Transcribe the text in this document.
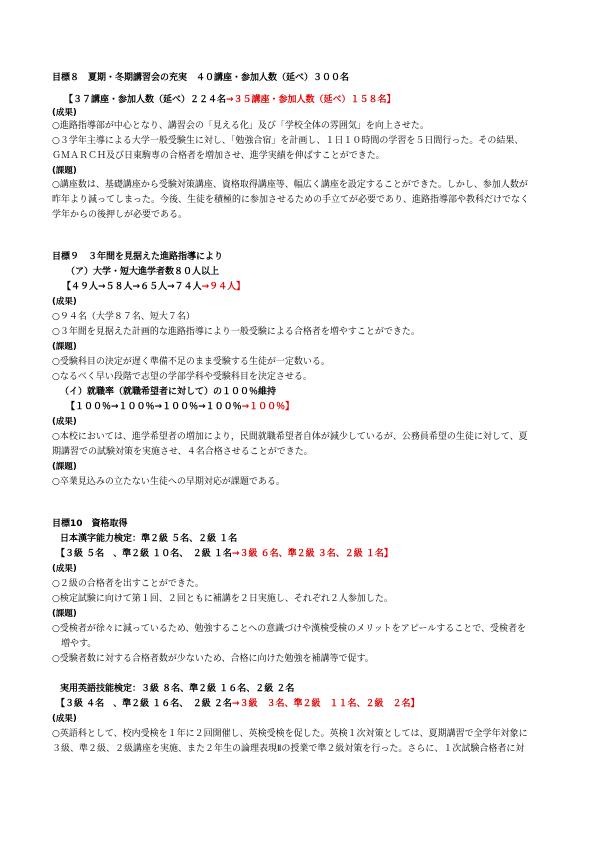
目標８　夏期・冬期講習会の充実　４０講座・参加人数（延べ）３００名
【３７講座・参加人数（延べ）２２４名→３５講座・参加人数（延べ）１５８名】
(成果)
○進路指導部が中心となり、講習会の「見える化」及び「学校全体の雰囲気」を向上させた。
○３学年主導による大学一般受験生に対し、「勉強合宿」を計画し、１日１０時間の学習を５日間行った。その結果、
ＧＭＡＲＣＨ及び日東駒専の合格者を増加させ、進学実績を伸ばすことができた。
(課題)
○講座数は、基礎講座から受験対策講座、資格取得講座等、幅広く講座を設定することができた。しかし、参加人数が
昨年より減ってしまった。今後、生徒を積極的に参加させるための手立てが必要であり、進路指導部や教科だけでなく
学年からの後押しが必要である。
目標９　３年間を見据えた進路指導により
（ア）大学・短大進学者数８０人以上
【４９人→５８人→６５人→７４人→９４人】
(成果)
○９４名（大学８７名、短大７名）
○３年間を見据えた計画的な進路指導により一般受験による合格者を増やすことができた。
(課題)
○受験科目の決定が遅く準備不足のまま受験する生徒が一定数いる。
○なるべく早い段階で志望の学部学科や受験科目を決定させる。
（イ）就職率（就職希望者に対して）の１００％維持
【１００％→１００％→１００％→１００％→１００％】
(成果)
○本校においては、進学希望者の増加により，民間就職希望者自体が減少しているが、公務員希望の生徒に対して、夏
期講習での試験対策を実施させ、４名合格させることができた。
(課題)
○卒業見込みの立たない生徒への早期対応が課題である。
目標10　資格取得
日本漢字能力検定：準２級 ５名、２級 １名
【３級 ５名　、準２級 １０名、　２級 １名→３級 ６名、準２級 ３名、２級 １名】
(成果)
○２級の合格者を出すことができた。
○検定試験に向けて第１回、２回ともに補講を２日実施し、それぞれ２人参加した。
(課題)
○受検者が徐々に減っているため、勉強することへの意識づけや漢検受検のメリットをアピールすることで、受検者を
　増やす。
○受験者数に対する合格者数が少ないため、合格に向けた勉強を補講等で促す。
実用英語技能検定：３級 ８名、準２級 １６名、２級 ２名
【３級 ４名　、準２級 １６名、　２級 ２名→３級　３名、準２級　１１名、２級　２名】
(成果)
○英語科として、校内受検を１年に２回開催し、英検受検を促した。英検１次対策としては、夏期講習で全学年対象に
３級、準２級、２級講座を実施、また２年生の論理表現Ⅱの授業で準２級対策を行った。さらに、１次試験合格者に対
